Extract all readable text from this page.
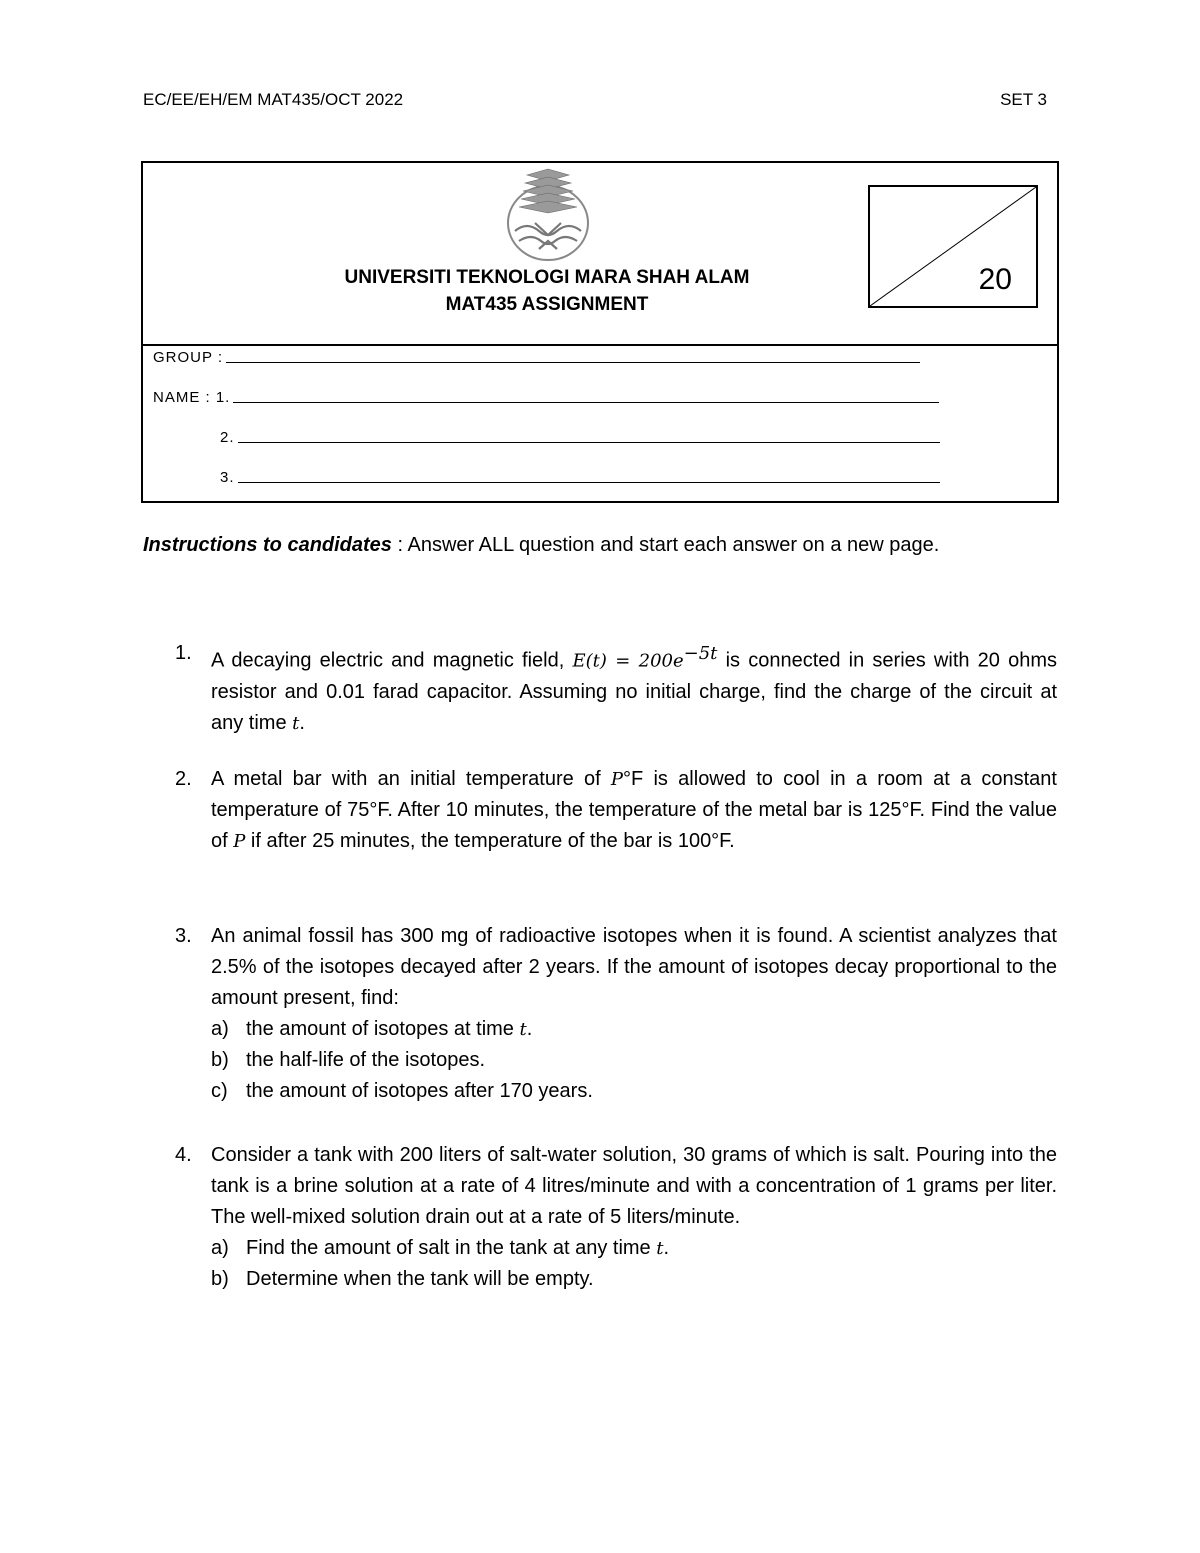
EC/EE/EH/EM MAT435/OCT 2022	SET 3
UNIVERSITI TEKNOLOGI MARA SHAH ALAM
MAT435 ASSIGNMENT
20
GROUP :
NAME : 1.
2.
3.
Instructions to candidates : Answer ALL question and start each answer on a new page.
1. A decaying electric and magnetic field, $E(t) = 200e^{-5t}$ is connected in series with 20 ohms resistor and 0.01 farad capacitor. Assuming no initial charge, find the charge of the circuit at any time t.
2. A metal bar with an initial temperature of P°F is allowed to cool in a room at a constant temperature of 75°F. After 10 minutes, the temperature of the metal bar is 125°F. Find the value of P if after 25 minutes, the temperature of the bar is 100°F.
3. An animal fossil has 300 mg of radioactive isotopes when it is found. A scientist analyzes that 2.5% of the isotopes decayed after 2 years. If the amount of isotopes decay proportional to the amount present, find:
a) the amount of isotopes at time t.
b) the half-life of the isotopes.
c) the amount of isotopes after 170 years.
4. Consider a tank with 200 liters of salt-water solution, 30 grams of which is salt. Pouring into the tank is a brine solution at a rate of 4 litres/minute and with a concentration of 1 grams per liter. The well-mixed solution drain out at a rate of 5 liters/minute.
a) Find the amount of salt in the tank at any time t.
b) Determine when the tank will be empty.
